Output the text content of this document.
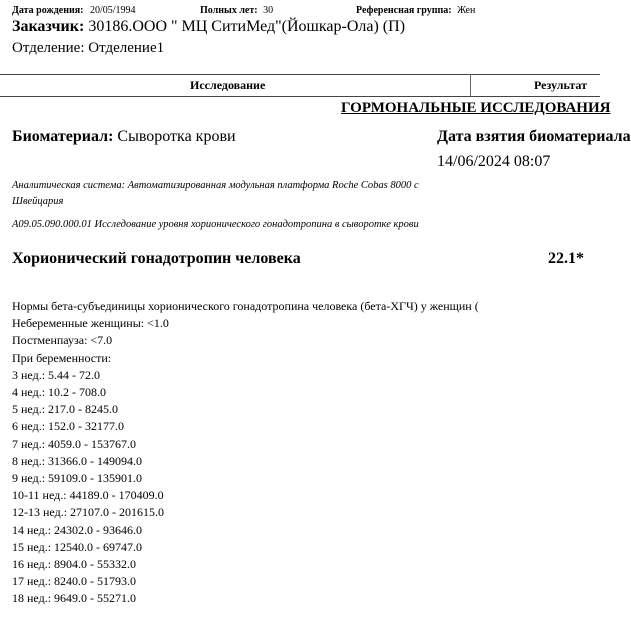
Дата рождения: 20/05/1994	Полных лет: 30	Референсная группа: Жен
Заказчик: 30186.ООО " МЦ СитиМед"(Йошкар-Ола) (П)
Отделение: Отделение1
Исследование	Результат
ГОРМОНАЛЬНЫЕ ИССЛЕДОВАНИЯ
Биоматериал: Сыворотка крови	Дата взятия биоматериала
14/06/2024 08:07
Аналитическая система: Автоматизированная модульная платформа Roche Cobas 8000 с
Швейцария
A09.05.090.000.01 Исследование уровня хорионического гонадотропина в сыворотке крови
Хорионический гонадотропин человека	22.1*
Нормы бета-субъединицы хорионического гонадотропина человека (бета-ХГЧ) у женщин (
Небеременные женщины: <1.0
Постменпауза: <7.0
При беременности:
3 нед.: 5.44 - 72.0
4 нед.: 10.2 - 708.0
5 нед.: 217.0 - 8245.0
6 нед.: 152.0 - 32177.0
7 нед.: 4059.0 - 153767.0
8 нед.: 31366.0 - 149094.0
9 нед.: 59109.0 - 135901.0
10-11 нед.: 44189.0 - 170409.0
12-13 нед.: 27107.0 - 201615.0
14 нед.: 24302.0 - 93646.0
15 нед.: 12540.0 - 69747.0
16 нед.: 8904.0 - 55332.0
17 нед.: 8240.0 - 51793.0
18 нед.: 9649.0 - 55271.0
